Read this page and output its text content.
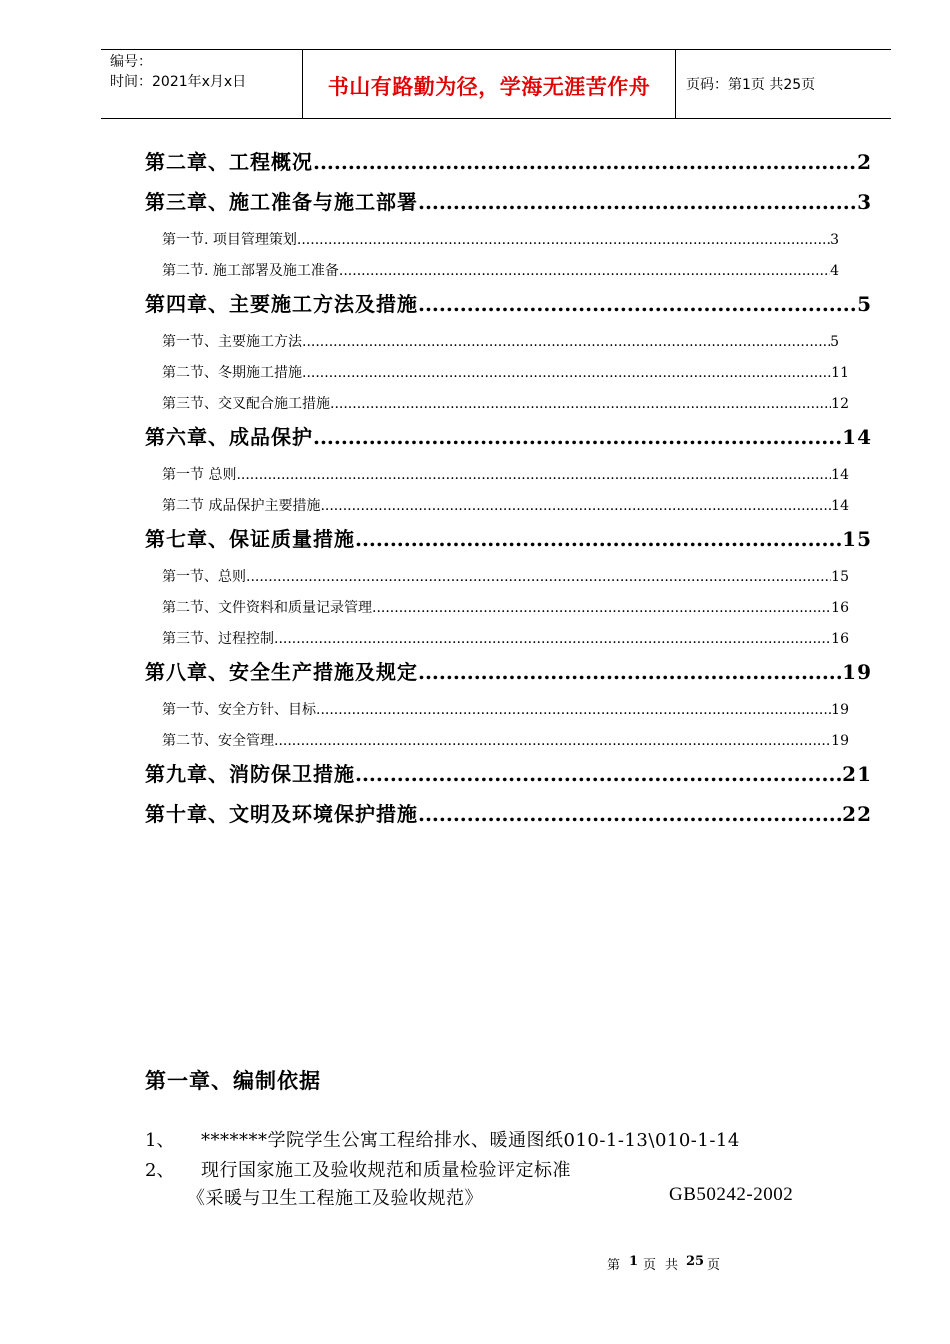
编号：
时间：2021年x月x日	书山有路勤为径，学海无涯苦作舟	页码：第1页 共25页
第二章、工程概况 .....	2
第三章、施工准备与施工部署 .....	3
第一节. 项目管理策划 .....	3
第二节. 施工部署及施工准备 .....	4
第四章、主要施工方法及措施 .....	5
第一节、主要施工方法 .....	5
第二节、冬期施工措施 .....	11
第三节、交叉配合施工措施 .....	12
第六章、成品保护 .....	14
第一节 总则 .....	14
第二节 成品保护主要措施 .....	14
第七章、保证质量措施 .....	15
第一节、总则 .....	15
第二节、文件资料和质量记录管理 .....	16
第三节、过程控制 .....	16
第八章、安全生产措施及规定 .....	19
第一节、安全方针、目标 .....	19
第二节、安全管理 .....	19
第九章、消防保卫措施 .....	21
第十章、文明及环境保护措施 .....	22
第一章、编制依据
1、 *******学院学生公寓工程给排水、暖通图纸010-1-13\010-1-14
2、 现行国家施工及验收规范和质量检验评定标准
《采暖与卫生工程施工及验收规范》	GB50242-2002
第 1 页 共 25 页
